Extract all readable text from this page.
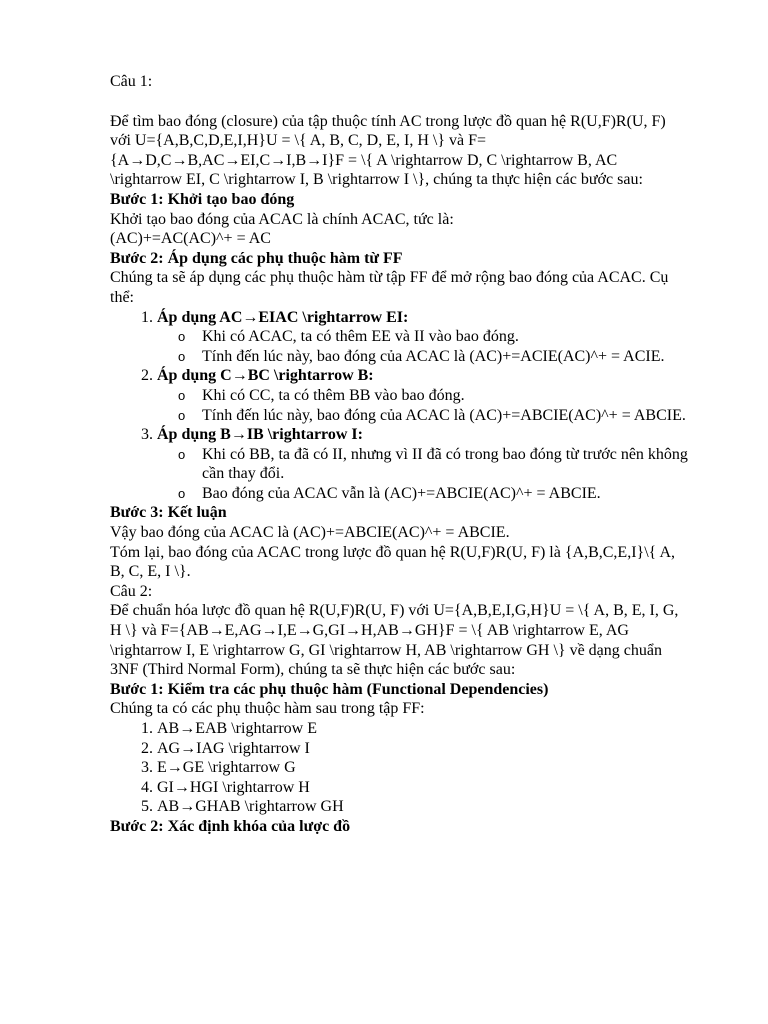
Câu 1:

Để tìm bao đóng (closure) của tập thuộc tính AC trong lược đồ quan hệ R(U,F)R(U, F) với U={A,B,C,D,E,I,H}U = \{ A, B, C, D, E, I, H \} và F={A→D,C→B,AC→EI,C→I,B→I}F = \{ A \rightarrow D, C \rightarrow B, AC \rightarrow EI, C \rightarrow I, B \rightarrow I \}, chúng ta thực hiện các bước sau:

Bước 1: Khởi tạo bao đóng

Khởi tạo bao đóng của ACAC là chính ACAC, tức là:

(AC)+=AC(AC)^+ = AC

Bước 2: Áp dụng các phụ thuộc hàm từ FF

Chúng ta sẽ áp dụng các phụ thuộc hàm từ tập FF để mở rộng bao đóng của ACAC. Cụ thể:

1. Áp dụng AC→EIAC \rightarrow EI:
o Khi có ACAC, ta có thêm EE và II vào bao đóng.
o Tính đến lúc này, bao đóng của ACAC là (AC)+=ACIE(AC)^+ = ACIE.
2. Áp dụng C→BC \rightarrow B:
o Khi có CC, ta có thêm BB vào bao đóng.
o Tính đến lúc này, bao đóng của ACAC là (AC)+=ABCIE(AC)^+ = ABCIE.
3. Áp dụng B→IB \rightarrow I:
o Khi có BB, ta đã có II, nhưng vì II đã có trong bao đóng từ trước nên không cần thay đổi.
o Bao đóng của ACAC vẫn là (AC)+=ABCIE(AC)^+ = ABCIE.

Bước 3: Kết luận

Vậy bao đóng của ACAC là (AC)+=ABCIE(AC)^+ = ABCIE.

Tóm lại, bao đóng của ACAC trong lược đồ quan hệ R(U,F)R(U, F) là {A,B,C,E,I}\{ A, B, C, E, I \}.

Câu 2:

Để chuẩn hóa lược đồ quan hệ R(U,F)R(U, F) với U={A,B,E,I,G,H}U = \{ A, B, E, I, G, H \} và F={AB→E,AG→I,E→G,GI→H,AB→GH}F = \{ AB \rightarrow E, AG \rightarrow I, E \rightarrow G, GI \rightarrow H, AB \rightarrow GH \} về dạng chuẩn 3NF (Third Normal Form), chúng ta sẽ thực hiện các bước sau:

Bước 1: Kiểm tra các phụ thuộc hàm (Functional Dependencies)

Chúng ta có các phụ thuộc hàm sau trong tập FF:

1. AB→EAB \rightarrow E
2. AG→IAG \rightarrow I
3. E→GE \rightarrow G
4. GI→HGI \rightarrow H
5. AB→GHAB \rightarrow GH

Bước 2: Xác định khóa của lược đồ
